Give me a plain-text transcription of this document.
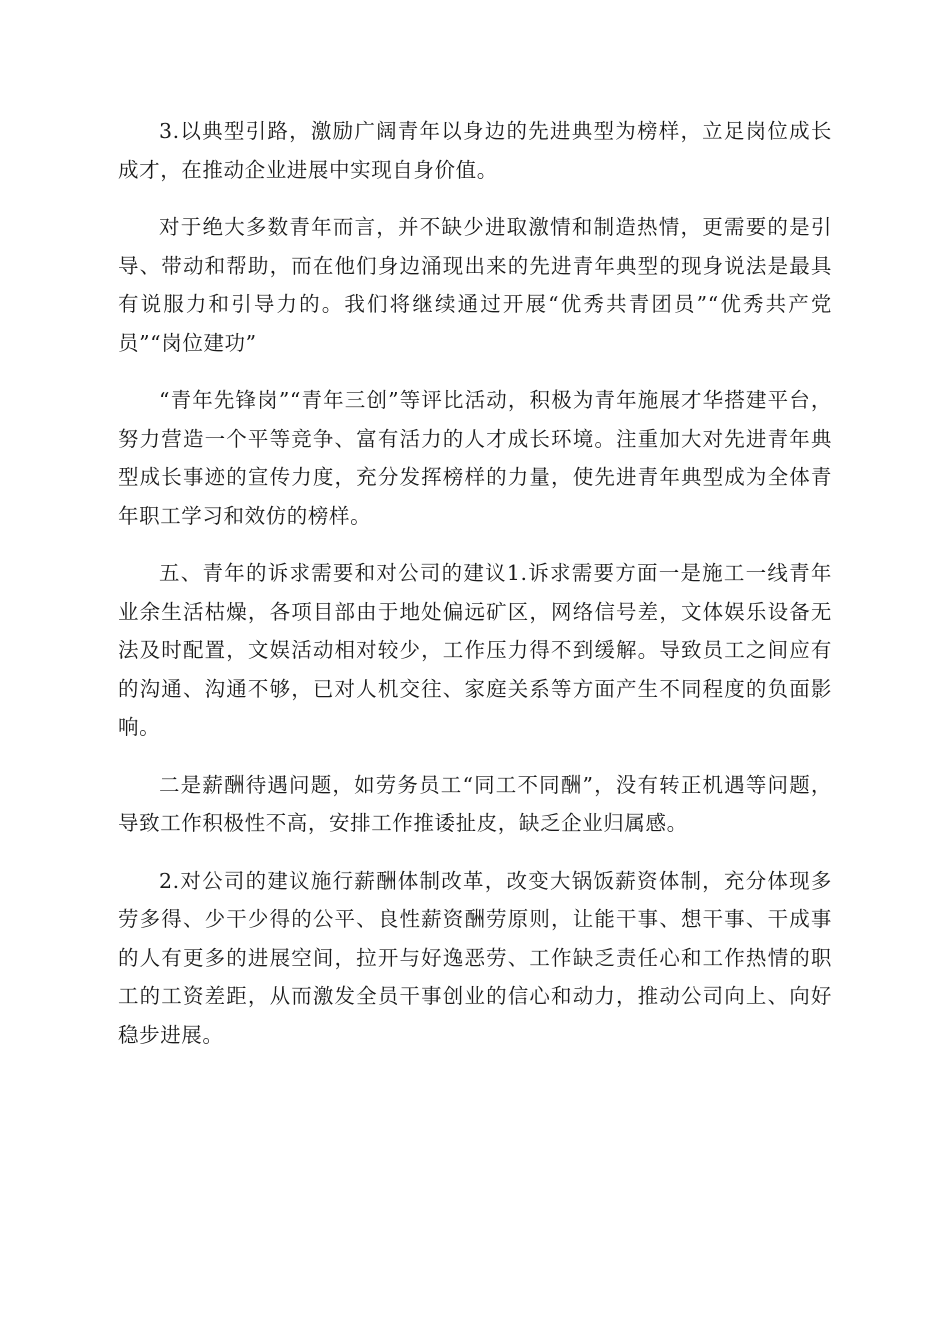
3.以典型引路，激励广阔青年以身边的先进典型为榜样，立足岗位成长成才，在推动企业进展中实现自身价值。

对于绝大多数青年而言，并不缺少进取激情和制造热情，更需要的是引导、带动和帮助，而在他们身边涌现出来的先进青年典型的现身说法是最具有说服力和引导力的。我们将继续通过开展“优秀共青团员”“优秀共产党员”“岗位建功”

“青年先锋岗”“青年三创”等评比活动，积极为青年施展才华搭建平台，努力营造一个平等竞争、富有活力的人才成长环境。注重加大对先进青年典型成长事迹的宣传力度，充分发挥榜样的力量，使先进青年典型成为全体青年职工学习和效仿的榜样。

五、青年的诉求需要和对公司的建议1.诉求需要方面一是施工一线青年业余生活枯燥，各项目部由于地处偏远矿区，网络信号差，文体娱乐设备无法及时配置，文娱活动相对较少，工作压力得不到缓解。导致员工之间应有的沟通、沟通不够，已对人机交往、家庭关系等方面产生不同程度的负面影响。

二是薪酬待遇问题，如劳务员工“同工不同酬”，没有转正机遇等问题，导致工作积极性不高，安排工作推诿扯皮，缺乏企业归属感。

2.对公司的建议施行薪酬体制改革，改变大锅饭薪资体制，充分体现多劳多得、少干少得的公平、良性薪资酬劳原则，让能干事、想干事、干成事的人有更多的进展空间，拉开与好逸恶劳、工作缺乏责任心和工作热情的职工的工资差距，从而激发全员干事创业的信心和动力，推动公司向上、向好稳步进展。
